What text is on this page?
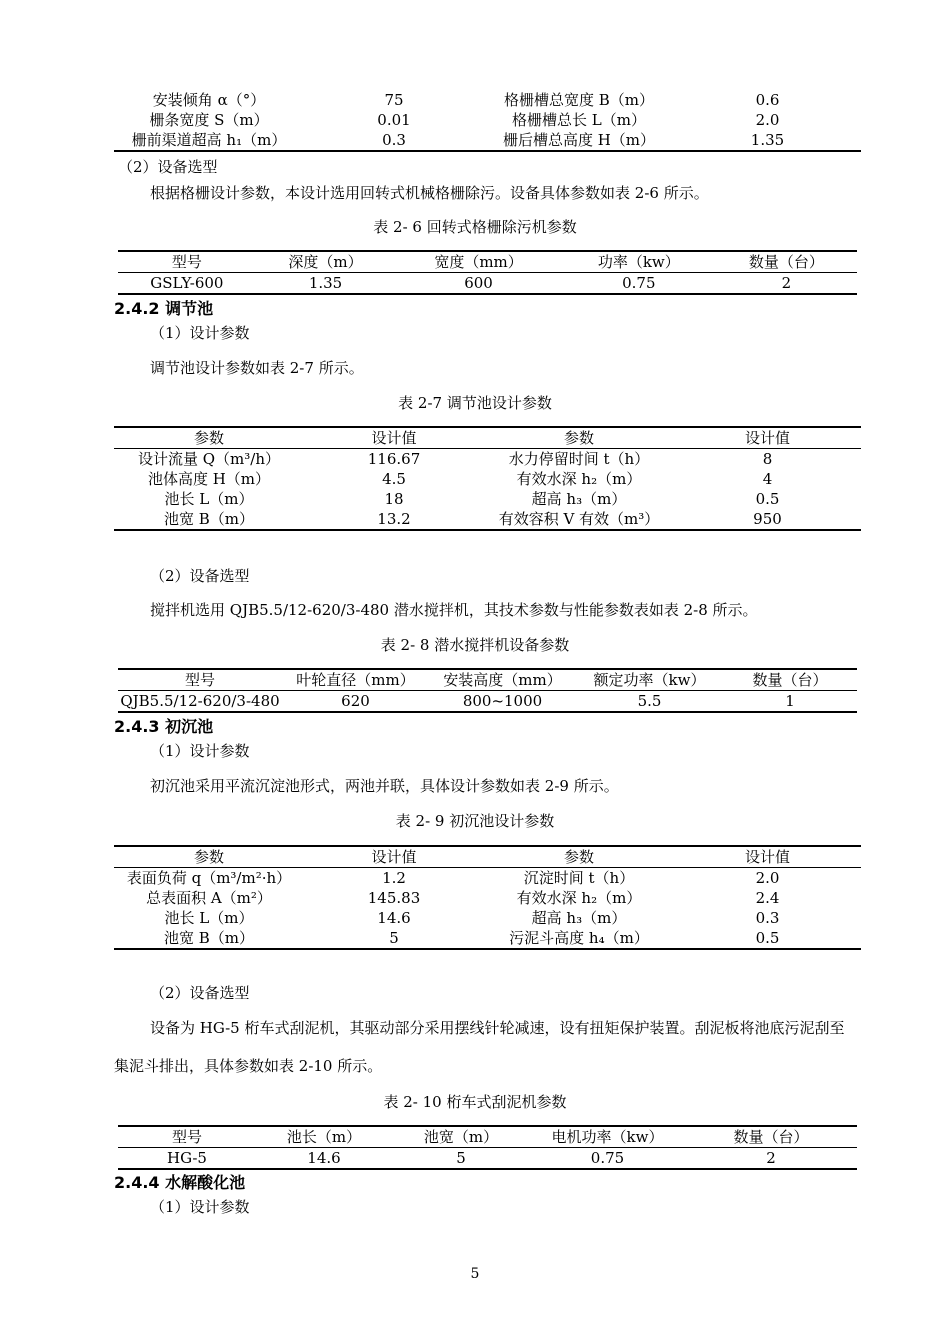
安装倾角 α（°）	75	格栅槽总宽度 B（m）	0.6
栅条宽度 S（m）	0.01	格栅槽总长 L（m）	2.0
栅前渠道超高 h₁（m）	0.3	栅后槽总高度 H（m）	1.35
（2）设备选型
根据格栅设计参数，本设计选用回转式机械格栅除污。设备具体参数如表 2-6 所示。
表 2- 6 回转式格栅除污机参数
型号	深度（m）	宽度（mm）	功率（kw）	数量（台）
GSLY-600	1.35	600	0.75	2
2.4.2 调节池
（1）设计参数
调节池设计参数如表 2-7 所示。
表 2-7 调节池设计参数
参数	设计值	参数	设计值
设计流量 Q（m³/h）	116.67	水力停留时间 t（h）	8
池体高度 H（m）	4.5	有效水深 h₂（m）	4
池长 L（m）	18	超高 h₃（m）	0.5
池宽 B（m）	13.2	有效容积 V 有效（m³）	950
（2）设备选型
搅拌机选用 QJB5.5/12-620/3-480 潜水搅拌机，其技术参数与性能参数表如表 2-8 所示。
表 2- 8 潜水搅拌机设备参数
型号	叶轮直径（mm）	安装高度（mm）	额定功率（kw）	数量（台）
QJB5.5/12-620/3-480	620	800~1000	5.5	1
2.4.3 初沉池
（1）设计参数
初沉池采用平流沉淀池形式，两池并联，具体设计参数如表 2-9 所示。
表 2- 9 初沉池设计参数
参数	设计值	参数	设计值
表面负荷 q（m³/m²·h）	1.2	沉淀时间 t（h）	2.0
总表面积 A（m²）	145.83	有效水深 h₂（m）	2.4
池长 L（m）	14.6	超高 h₃（m）	0.3
池宽 B（m）	5	污泥斗高度 h₄（m）	0.5
（2）设备选型
设备为 HG-5 桁车式刮泥机，其驱动部分采用摆线针轮减速，设有扭矩保护装置。刮泥板将池底污泥刮至集泥斗排出，具体参数如表 2-10 所示。
表 2- 10 桁车式刮泥机参数
型号	池长（m）	池宽（m）	电机功率（kw）	数量（台）
HG-5	14.6	5	0.75	2
2.4.4 水解酸化池
（1）设计参数
5
